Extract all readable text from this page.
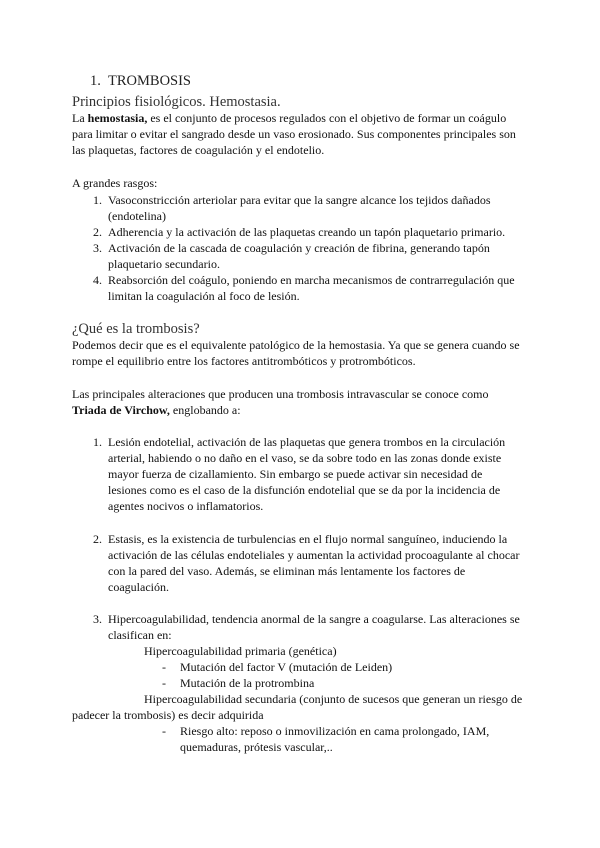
1. TROMBOSIS
Principios fisiológicos. Hemostasia.
La hemostasia, es el conjunto de procesos regulados con el objetivo de formar un coágulo
para limitar o evitar el sangrado desde un vaso erosionado. Sus componentes principales son
las plaquetas, factores de coagulación y el endotelio.
A grandes rasgos:
1. Vasoconstricción arteriolar para evitar que la sangre alcance los tejidos dañados
(endotelina)
2. Adherencia y la activación de las plaquetas creando un tapón plaquetario primario.
3. Activación de la cascada de coagulación y creación de fibrina, generando tapón
plaquetario secundario.
4. Reabsorción del coágulo, poniendo en marcha mecanismos de contrarregulación que
limitan la coagulación al foco de lesión.
¿Qué es la trombosis?
Podemos decir que es el equivalente patológico de la hemostasia. Ya que se genera cuando se
rompe el equilibrio entre los factores antitrombóticos y protrombóticos.
Las principales alteraciones que producen una trombosis intravascular se conoce como
Triada de Virchow, englobando a:
1. Lesión endotelial, activación de las plaquetas que genera trombos en la circulación
arterial, habiendo o no daño en el vaso, se da sobre todo en las zonas donde existe
mayor fuerza de cizallamiento. Sin embargo se puede activar sin necesidad de
lesiones como es el caso de la disfunción endotelial que se da por la incidencia de
agentes nocivos o inflamatorios.
2. Estasis, es la existencia de turbulencias en el flujo normal sanguíneo, induciendo la
activación de las células endoteliales y aumentan la actividad procoagulante al chocar
con la pared del vaso. Además, se eliminan más lentamente los factores de
coagulación.
3. Hipercoagulabilidad, tendencia anormal de la sangre a coagularse. Las alteraciones se
clasifican en:
Hipercoagulabilidad primaria (genética)
- Mutación del factor V (mutación de Leiden)
- Mutación de la protrombina
Hipercoagulabilidad secundaria (conjunto de sucesos que generan un riesgo de
padecer la trombosis) es decir adquirida
- Riesgo alto: reposo o inmovilización en cama prolongado, IAM,
quemaduras, prótesis vascular,..
